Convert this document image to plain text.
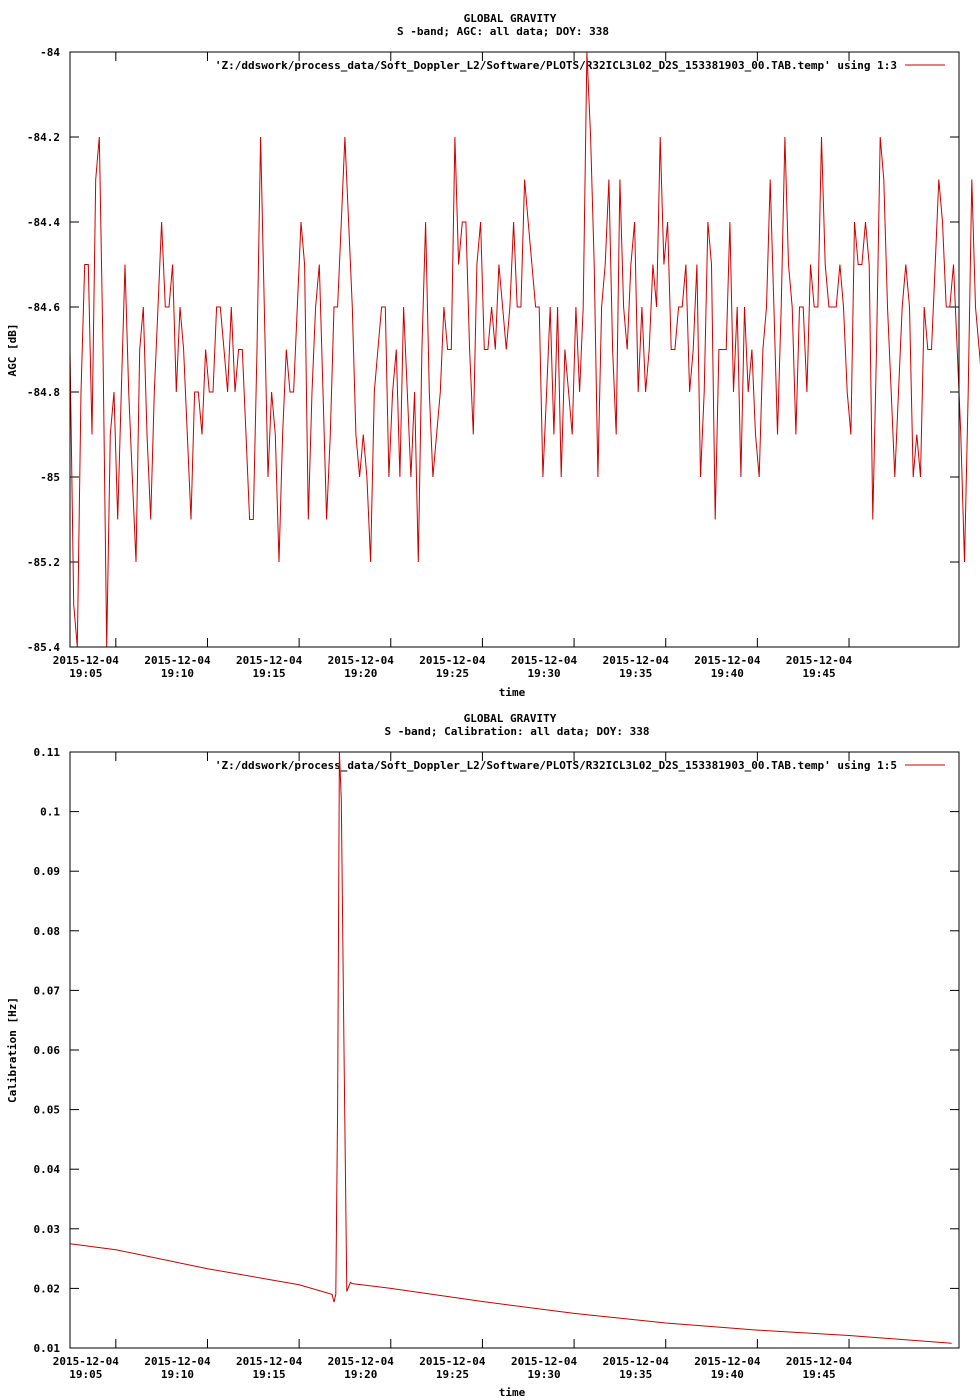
GLOBAL GRAVITY
S -band; AGC: all data; DOY: 338
'Z:/ddswork/process_data/Soft_Doppler_L2/Software/PLOTS/R32ICL3L02_D2S_153381903_00.TAB.temp' using 1:3
-84
-84.2
-84.4
-84.6
-84.8
-85
-85.2
-85.4
2015-12-04
19:05
2015-12-04
19:10
2015-12-04
19:15
2015-12-04
19:20
2015-12-04
19:25
2015-12-04
19:30
2015-12-04
19:35
2015-12-04
19:40
2015-12-04
19:45
time
AGC [dB]
GLOBAL GRAVITY
S -band; Calibration: all data; DOY: 338
'Z:/ddswork/process_data/Soft_Doppler_L2/Software/PLOTS/R32ICL3L02_D2S_153381903_00.TAB.temp' using 1:5
0.11
0.1
0.09
0.08
0.07
0.06
0.05
0.04
0.03
0.02
0.01
2015-12-04
19:05
2015-12-04
19:10
2015-12-04
19:15
2015-12-04
19:20
2015-12-04
19:25
2015-12-04
19:30
2015-12-04
19:35
2015-12-04
19:40
2015-12-04
19:45
time
Calibration [Hz]
